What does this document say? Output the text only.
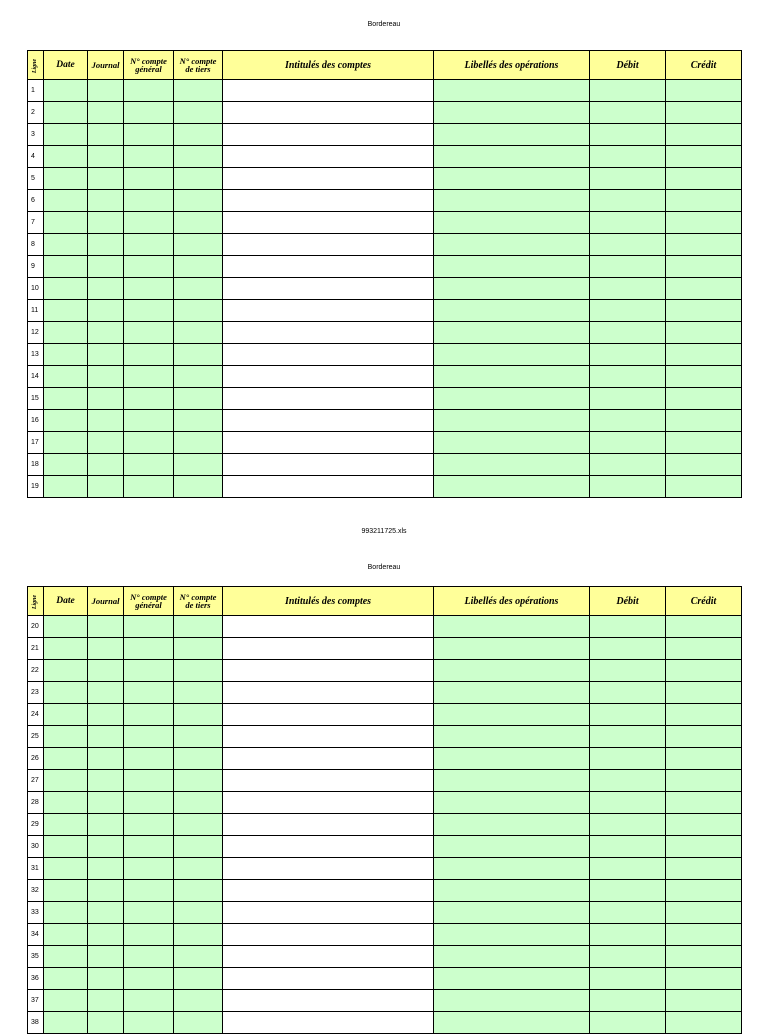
Bordereau
Ligne	Date	Journal	N° compte
général	N° compte
de tiers	Intitulés des comptes	Libellés des opérations	Débit	Crédit
1								
2								
3								
4								
5								
6								
7								
8								
9								
10								
11								
12								
13								
14								
15								
16								
17								
18								
19								
993211725.xls
Bordereau
Ligne	Date	Journal	N° compte
général	N° compte
de tiers	Intitulés des comptes	Libellés des opérations	Débit	Crédit
20								
21								
22								
23								
24								
25								
26								
27								
28								
29								
30								
31								
32								
33								
34								
35								
36								
37								
38								
